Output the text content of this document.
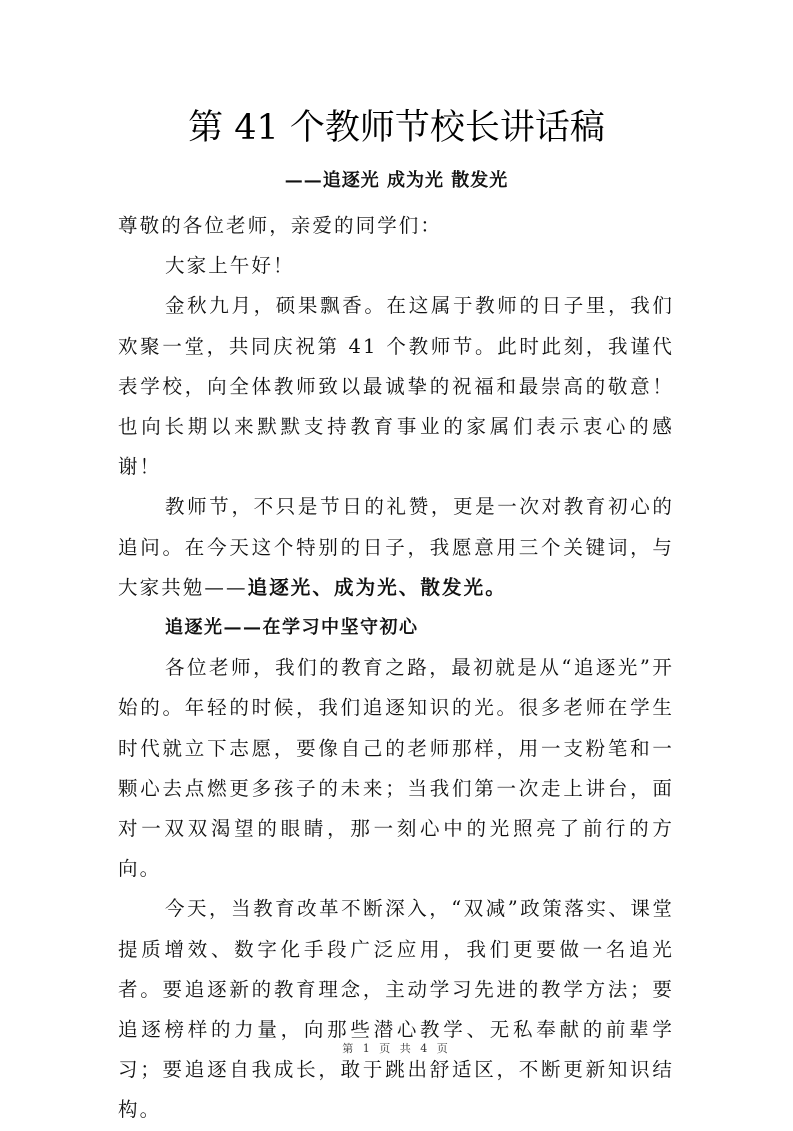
第 41 个教师节校长讲话稿
——追逐光 成为光 散发光

尊敬的各位老师，亲爱的同学们：

大家上午好！

金秋九月，硕果飘香。在这属于教师的日子里，我们欢聚一堂，共同庆祝第 41 个教师节。此时此刻，我谨代表学校，向全体教师致以最诚挚的祝福和最崇高的敬意！也向长期以来默默支持教育事业的家属们表示衷心的感谢！

教师节，不只是节日的礼赞，更是一次对教育初心的追问。在今天这个特别的日子，我愿意用三个关键词，与大家共勉——追逐光、成为光、散发光。

追逐光——在学习中坚守初心

各位老师，我们的教育之路，最初就是从“追逐光”开始的。年轻的时候，我们追逐知识的光。很多老师在学生时代就立下志愿，要像自己的老师那样，用一支粉笔和一颗心去点燃更多孩子的未来；当我们第一次走上讲台，面对一双双渴望的眼睛，那一刻心中的光照亮了前行的方向。

今天，当教育改革不断深入，“双减”政策落实、课堂提质增效、数字化手段广泛应用，我们更要做一名追光者。要追逐新的教育理念，主动学习先进的教学方法；要追逐榜样的力量，向那些潜心教学、无私奉献的前辈学习；要追逐自我成长，敢于跳出舒适区，不断更新知识结构。

第 1 页 共 4 页
